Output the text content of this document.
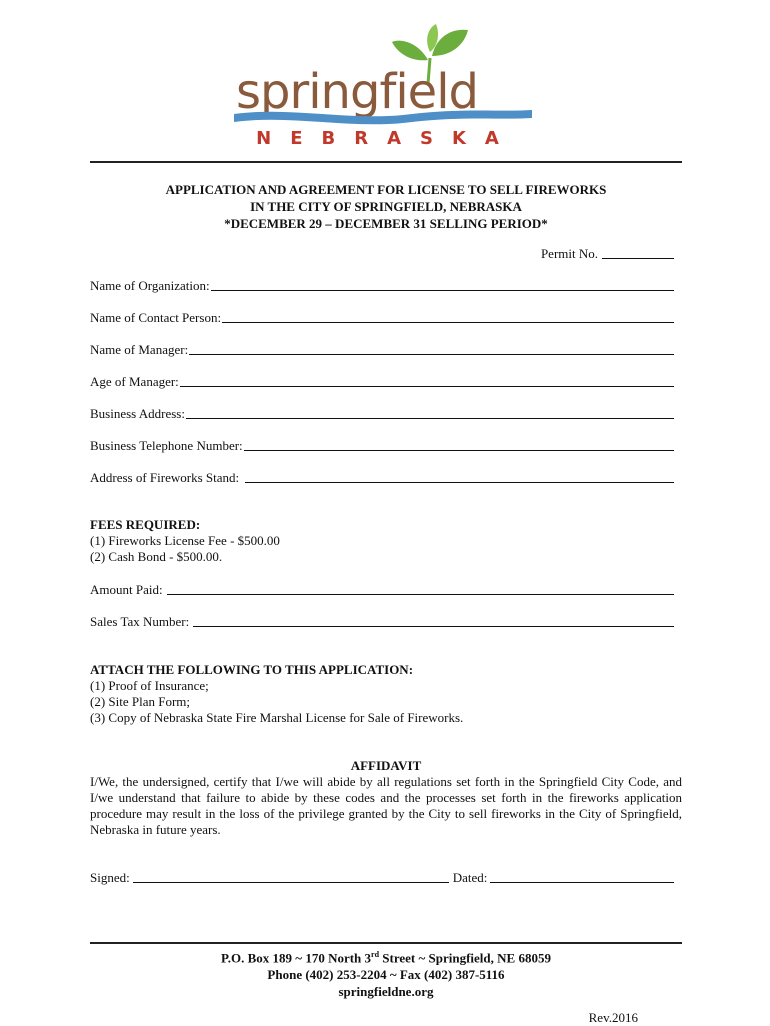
springfield
NEBRASKA
APPLICATION AND AGREEMENT FOR LICENSE TO SELL FIREWORKS
IN THE CITY OF SPRINGFIELD, NEBRASKA
*DECEMBER 29 – DECEMBER 31 SELLING PERIOD*
Permit No.
Name of Organization:
Name of Contact Person:
Name of Manager:
Age of Manager:
Business Address:
Business Telephone Number:
Address of Fireworks Stand:
FEES REQUIRED:
(1) Fireworks License Fee - $500.00
(2) Cash Bond - $500.00.
Amount Paid:
Sales Tax Number:
ATTACH THE FOLLOWING TO THIS APPLICATION:
(1) Proof of Insurance;
(2) Site Plan Form;
(3) Copy of Nebraska State Fire Marshal License for Sale of Fireworks.
AFFIDAVIT
I/We, the undersigned, certify that I/we will abide by all regulations set forth in the Springfield City Code, and I/we understand that failure to abide by these codes and the processes set forth in the fireworks application procedure may result in the loss of the privilege granted by the City to sell fireworks in the City of Springfield, Nebraska in future years.
Signed:	Dated:
P.O. Box 189 ~ 170 North 3rd Street ~ Springfield, NE 68059
Phone (402) 253-2204 ~ Fax (402) 387-5116
springfieldne.org
Rev.2016
